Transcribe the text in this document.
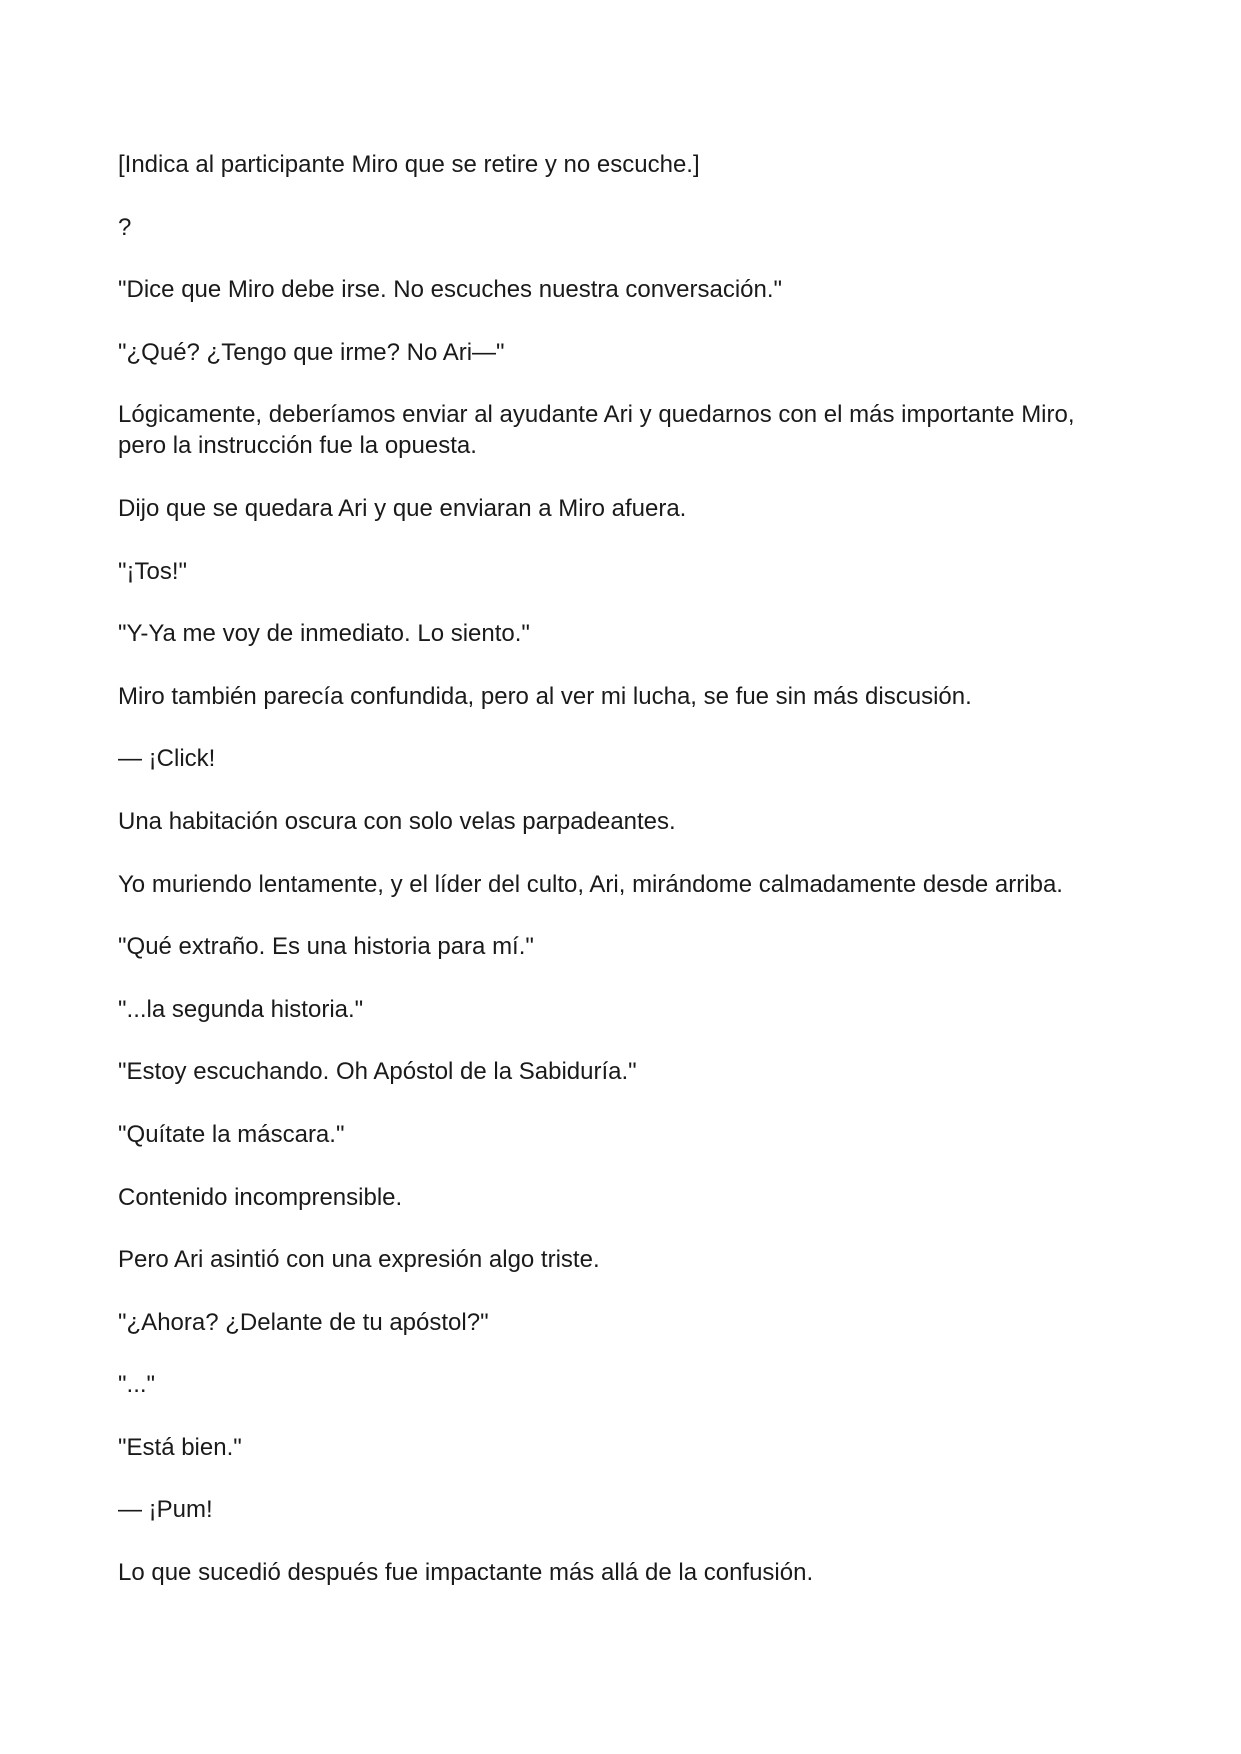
[Indica al participante Miro que se retire y no escuche.]

?

"Dice que Miro debe irse. No escuches nuestra conversación."

"¿Qué? ¿Tengo que irme? No Ari—"

Lógicamente, deberíamos enviar al ayudante Ari y quedarnos con el más importante Miro, pero la instrucción fue la opuesta.

Dijo que se quedara Ari y que enviaran a Miro afuera.

"¡Tos!"

"Y-Ya me voy de inmediato. Lo siento."

Miro también parecía confundida, pero al ver mi lucha, se fue sin más discusión.

— ¡Click!

Una habitación oscura con solo velas parpadeantes.

Yo muriendo lentamente, y el líder del culto, Ari, mirándome calmadamente desde arriba.

"Qué extraño. Es una historia para mí."

"...la segunda historia."

"Estoy escuchando. Oh Apóstol de la Sabiduría."

"Quítate la máscara."

Contenido incomprensible.

Pero Ari asintió con una expresión algo triste.

"¿Ahora? ¿Delante de tu apóstol?"

"..."

"Está bien."

— ¡Pum!

Lo que sucedió después fue impactante más allá de la confusión.
